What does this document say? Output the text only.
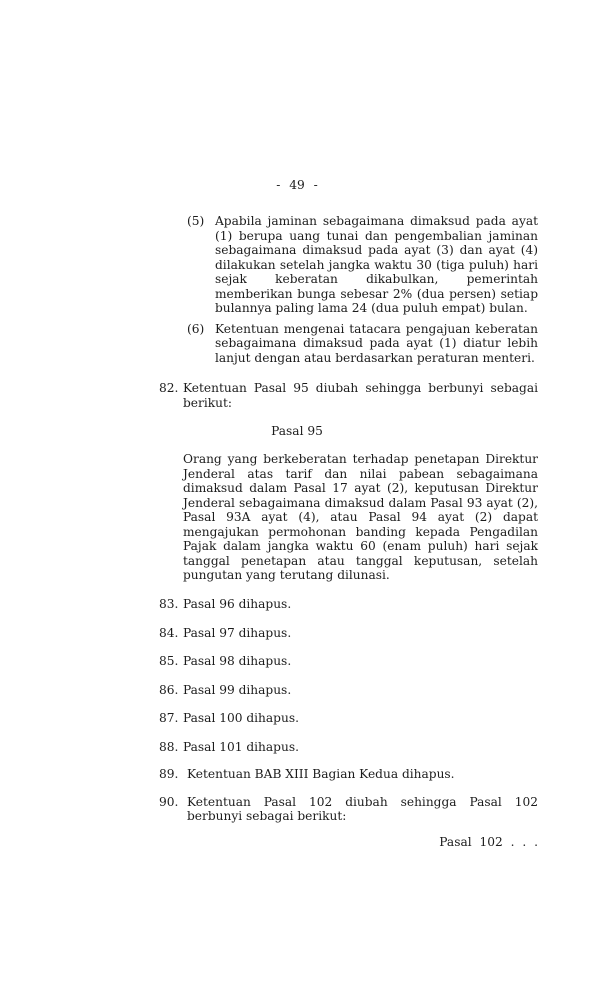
- 49 -
(5) Apabila jaminan sebagaimana dimaksud pada ayat (1) berupa uang tunai dan pengembalian jaminan sebagaimana dimaksud pada ayat (3) dan ayat (4) dilakukan setelah jangka waktu 30 (tiga puluh) hari sejak keberatan dikabulkan, pemerintah memberikan bunga sebesar 2% (dua persen) setiap bulannya paling lama 24 (dua puluh empat) bulan.
(6) Ketentuan mengenai tatacara pengajuan keberatan sebagaimana dimaksud pada ayat (1) diatur lebih lanjut dengan atau berdasarkan peraturan menteri.
82. Ketentuan Pasal 95 diubah sehingga berbunyi sebagai berikut:
Pasal 95
Orang yang berkeberatan terhadap penetapan Direktur Jenderal atas tarif dan nilai pabean sebagaimana dimaksud dalam Pasal 17 ayat (2), keputusan Direktur Jenderal sebagaimana dimaksud dalam Pasal 93 ayat (2), Pasal 93A ayat (4), atau Pasal 94 ayat (2) dapat mengajukan permohonan banding kepada Pengadilan Pajak dalam jangka waktu 60 (enam puluh) hari sejak tanggal penetapan atau tanggal keputusan, setelah pungutan yang terutang dilunasi.
83. Pasal 96 dihapus.
84. Pasal 97 dihapus.
85. Pasal 98 dihapus.
86. Pasal 99 dihapus.
87. Pasal 100 dihapus.
88. Pasal 101 dihapus.
89. Ketentuan BAB XIII Bagian Kedua dihapus.
90. Ketentuan Pasal 102 diubah sehingga Pasal 102 berbunyi sebagai berikut:
Pasal 102 . . .
